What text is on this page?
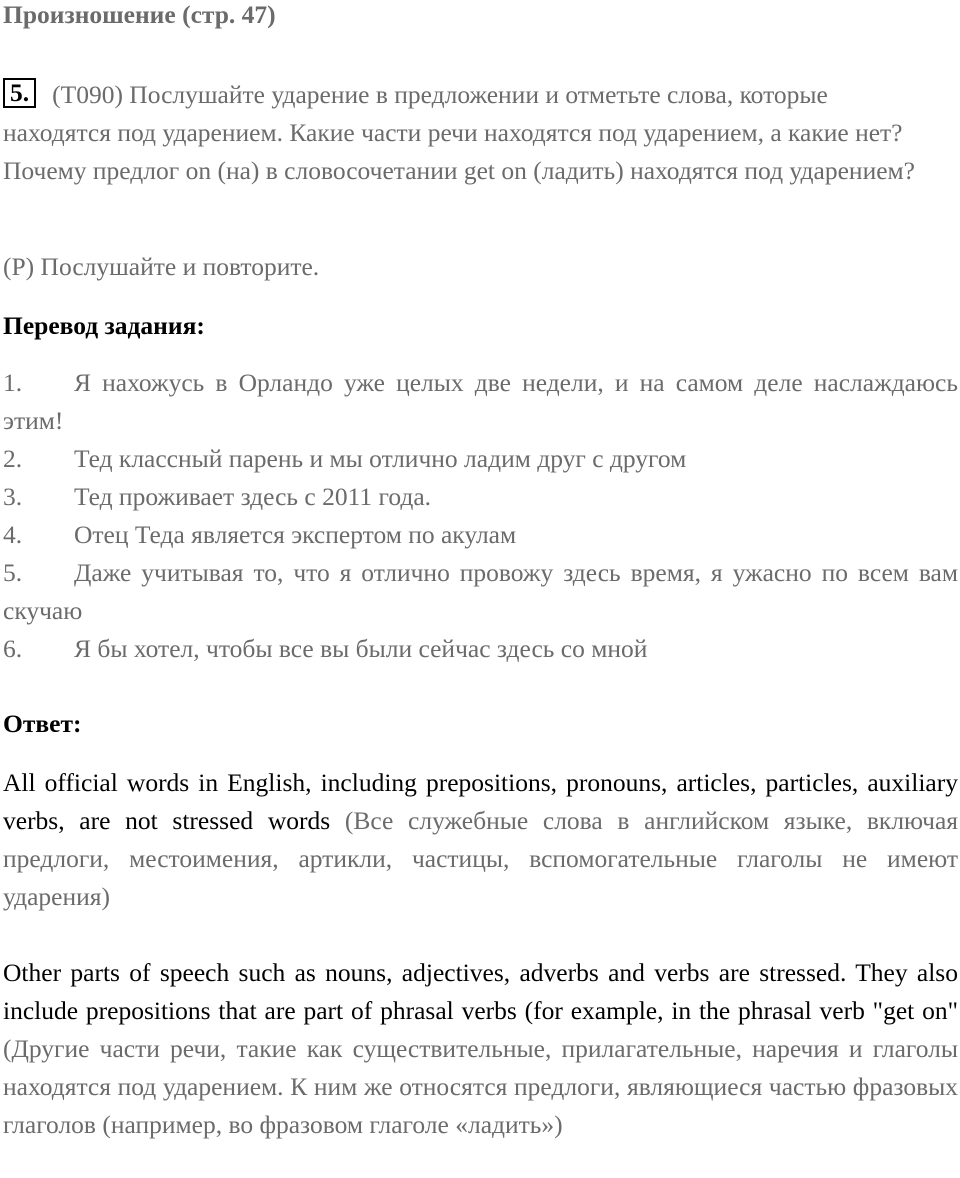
Произношение (стр. 47)
5. (T090) Послушайте ударение в предложении и отметьте слова, которые находятся под ударением. Какие части речи находятся под ударением, а какие нет? Почему предлог on (на) в словосочетании get on (ладить) находятся под ударением?
(P) Послушайте и повторите.
Перевод задания:
1. Я нахожусь в Орландо уже целых две недели, и на самом деле наслаждаюсь этим!
2. Тед классный парень и мы отлично ладим друг с другом
3. Тед проживает здесь с 2011 года.
4. Отец Теда является экспертом по акулам
5. Даже учитывая то, что я отлично провожу здесь время, я ужасно по всем вам скучаю
6. Я бы хотел, чтобы все вы были сейчас здесь со мной
Ответ:
All official words in English, including prepositions, pronouns, articles, particles, auxiliary verbs, are not stressed words (Все служебные слова в английском языке, включая предлоги, местоимения, артикли, частицы, вспомогательные глаголы не имеют ударения)
Other parts of speech such as nouns, adjectives, adverbs and verbs are stressed. They also include prepositions that are part of phrasal verbs (for example, in the phrasal verb "get on" (Другие части речи, такие как существительные, прилагательные, наречия и глаголы находятся под ударением. К ним же относятся предлоги, являющиеся частью фразовых глаголов (например, во фразовом глаголе «ладить»)
